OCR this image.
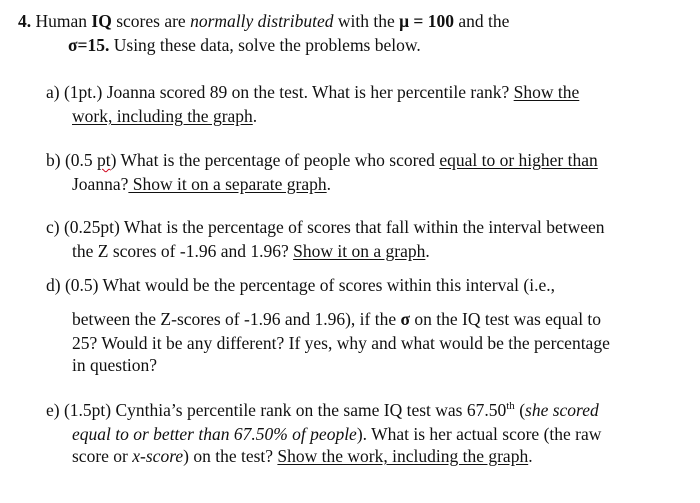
4. Human IQ scores are normally distributed with the μ = 100 and the
σ=15. Using these data, solve the problems below.
a) (1pt.) Joanna scored 89 on the test. What is her percentile rank? Show the
work, including the graph.
b) (0.5 pt) What is the percentage of people who scored equal to or higher than
Joanna? Show it on a separate graph.
c) (0.25pt) What is the percentage of scores that fall within the interval between
the Z scores of -1.96 and 1.96? Show it on a graph.
d) (0.5) What would be the percentage of scores within this interval (i.e.,
between the Z-scores of -1.96 and 1.96), if the σ on the IQ test was equal to
25? Would it be any different? If yes, why and what would be the percentage
in question?
e) (1.5pt) Cynthia’s percentile rank on the same IQ test was 67.50th (she scored
equal to or better than 67.50% of people). What is her actual score (the raw
score or x-score) on the test? Show the work, including the graph.
